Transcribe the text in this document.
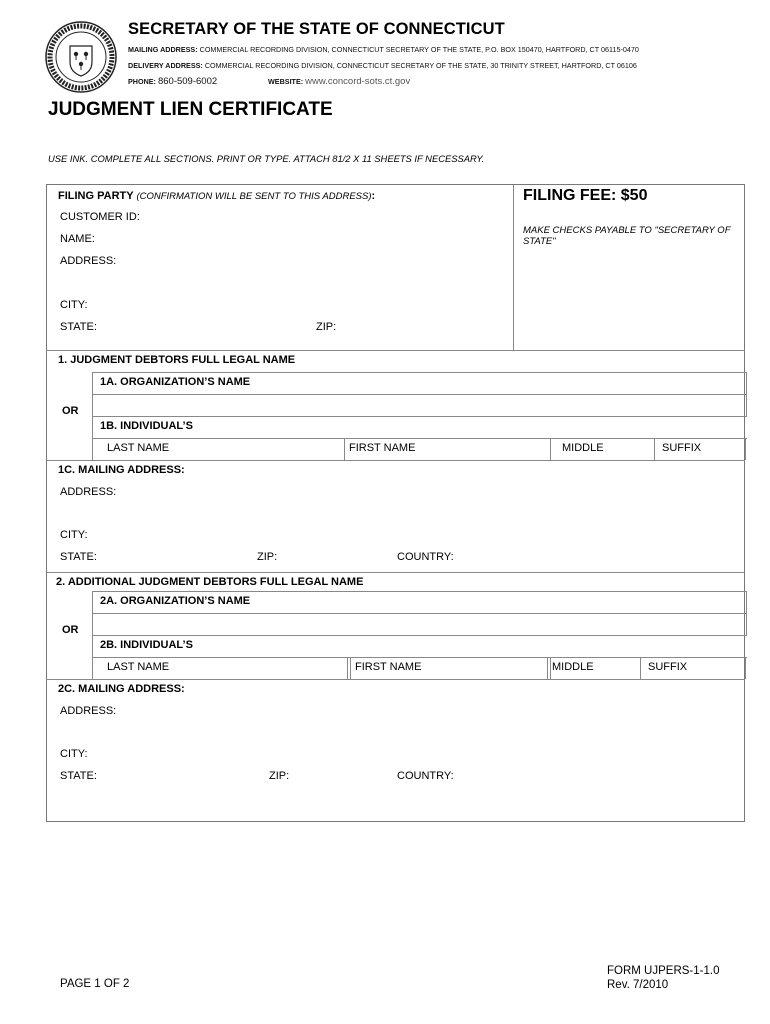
SECRETARY OF THE STATE OF CONNECTICUT
MAILING ADDRESS: COMMERCIAL RECORDING DIVISION, CONNECTICUT SECRETARY OF THE STATE, P.O. BOX 150470, HARTFORD, CT 06115-0470
DELIVERY ADDRESS: COMMERCIAL RECORDING DIVISION, CONNECTICUT SECRETARY OF THE STATE, 30 TRINITY STREET, HARTFORD, CT 06106
PHONE: 860-509-6002	WEBSITE: www.concord-sots.ct.gov
JUDGMENT LIEN CERTIFICATE
USE INK. COMPLETE ALL SECTIONS. PRINT OR TYPE. ATTACH 81/2 X 11 SHEETS IF NECESSARY.
FILING PARTY (CONFIRMATION WILL BE SENT TO THIS ADDRESS):
CUSTOMER ID:
NAME:
ADDRESS:
CITY:
STATE:	ZIP:
FILING FEE: $50
MAKE CHECKS PAYABLE TO "SECRETARY OF STATE"
1. JUDGMENT DEBTORS FULL LEGAL NAME
1A. ORGANIZATION’S NAME
OR
1B. INDIVIDUAL’S
LAST NAME	FIRST NAME	MIDDLE	SUFFIX
1C. MAILING ADDRESS:
ADDRESS:
CITY:
STATE:	ZIP:	COUNTRY:
2. ADDITIONAL JUDGMENT DEBTORS FULL LEGAL NAME
2A. ORGANIZATION’S NAME
OR
2B. INDIVIDUAL’S
LAST NAME	FIRST NAME	MIDDLE	SUFFIX
2C. MAILING ADDRESS:
ADDRESS:
CITY:
STATE:	ZIP:	COUNTRY:
PAGE 1 OF 2
FORM UJPERS-1-1.0
Rev. 7/2010
